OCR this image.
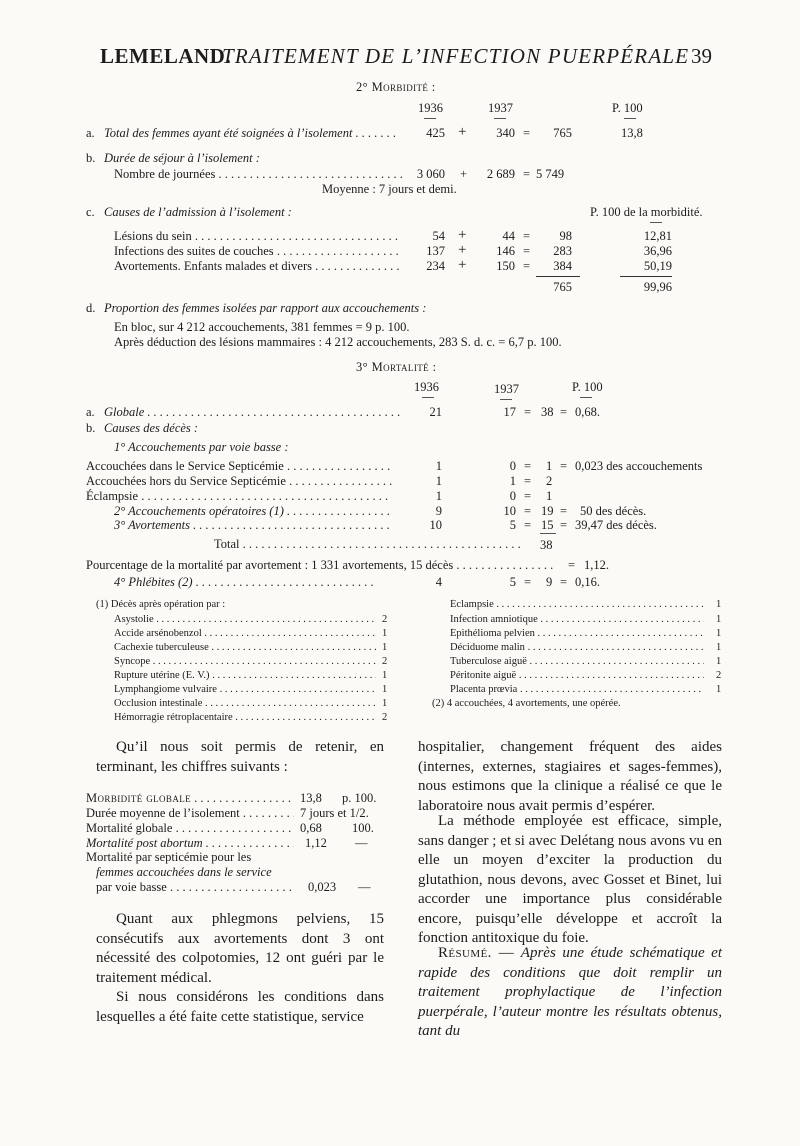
LEMELAND.
TRAITEMENT DE L’INFECTION PUERPÉRALE 39
2° Morbidité :
1936	1937	P. 100
a. Total des femmes ayant été soignées à l’isolement . . .	425 +	340 =	765	13,8
b. Durée de séjour à l’isolement :
Nombre de journées . . .	3 060 +	2 689 = 5 749
Moyenne : 7 jours et demi.
c. Causes de l’admission à l’isolement :	P. 100 de la morbidité.
Lésions du sein . . .	54 +	44 =	98	12,81
Infections des suites de couches . . .	137 +	146 =	283	36,96
Avortements. Enfants malades et divers . . .	234 +	150 =	384	50,19
765	99,96
d. Proportion des femmes isolées par rapport aux accouchements :
En bloc, sur 4 212 accouchements, 381 femmes = 9 p. 100.
Après déduction des lésions mammaires : 4 212 accouchements, 283 S. d. c. = 6,7 p. 100.
3° Mortalité :
1936	1937	P. 100
a. Globale . . .	21	17 = 38 = 0,68.
b. Causes des décès :
1° Accouchements par voie basse :
Accouchées dans le Service Septicémie . . .	1	0 = 1 = 0,023 des accouchements
Accouchées hors du Service Septicémie . . .	1	1 = 2
Éclampsie . . .	1	0 = 1
2° Accouchements opératoires (1) . . .	9	10 = 19 = 50 des décès.
3° Avortements . . .	10	5 = 15 = 39,47 des décès.
Total . . .	38
Pourcentage de la mortalité par avortement : 1 331 avortements, 15 décès . . .	= 1,12.
4° Phlébites (2) . . .	4	5 = 9 = 0,16.
(1) Décès après opération par :
Asystolie . . .	2
Accide arsénobenzol . . .	1
Cachexie tuberculeuse . . .	1
Syncope . . .	2
Rupture utérine (E. V.) . . .	1
Lymphangiome vulvaire . . .	1
Occlusion intestinale . . .	1
Hémorragie rétroplacentaire . . .	2
Éclampsie . . .	1
Infection amniotique . . .	1
Épithélioma pelvien . . .	1
Déciduome malin . . .	1
Tuberculose aiguë . . .	1
Péritonite aiguë . . .	2
Placenta prœvia . . .	1
(2) 4 accouchées, 4 avortements, une opérée.
Qu’il nous soit permis de retenir, en terminant, les chiffres suivants :
Morbidité globale . . .	13,8 p. 100.
Durée moyenne de l’isolement . . .	7 jours et 1/2.
Mortalité globale . . .	0,68 100.
Mortalité post abortum . . .	1,12 —
Mortalité par septicémie pour les
femmes accouchées dans le service
par voie basse . . .	0,023 —
Quant aux phlegmons pelviens, 15 consécutifs aux avortements dont 3 ont nécessité des colpotomies, 12 ont guéri par le traitement médical.
Si nous considérons les conditions dans lesquelles a été faite cette statistique, service
hospitalier, changement fréquent des aides (internes, externes, stagiaires et sages-femmes), nous estimons que la clinique a réalisé ce que le laboratoire nous avait permis d’espérer.
La méthode employée est efficace, simple, sans danger ; et si avec Delétang nous avons vu en elle un moyen d’exciter la production du glutathion, nous devons, avec Gosset et Binet, lui accorder une importance plus considérable encore, puisqu’elle développe et accroît la fonction antitoxique du foie.
Résumé. — Après une étude schématique et rapide des conditions que doit remplir un traitement prophylactique de l’infection puerpérale, l’auteur montre les résultats obtenus, tant du
